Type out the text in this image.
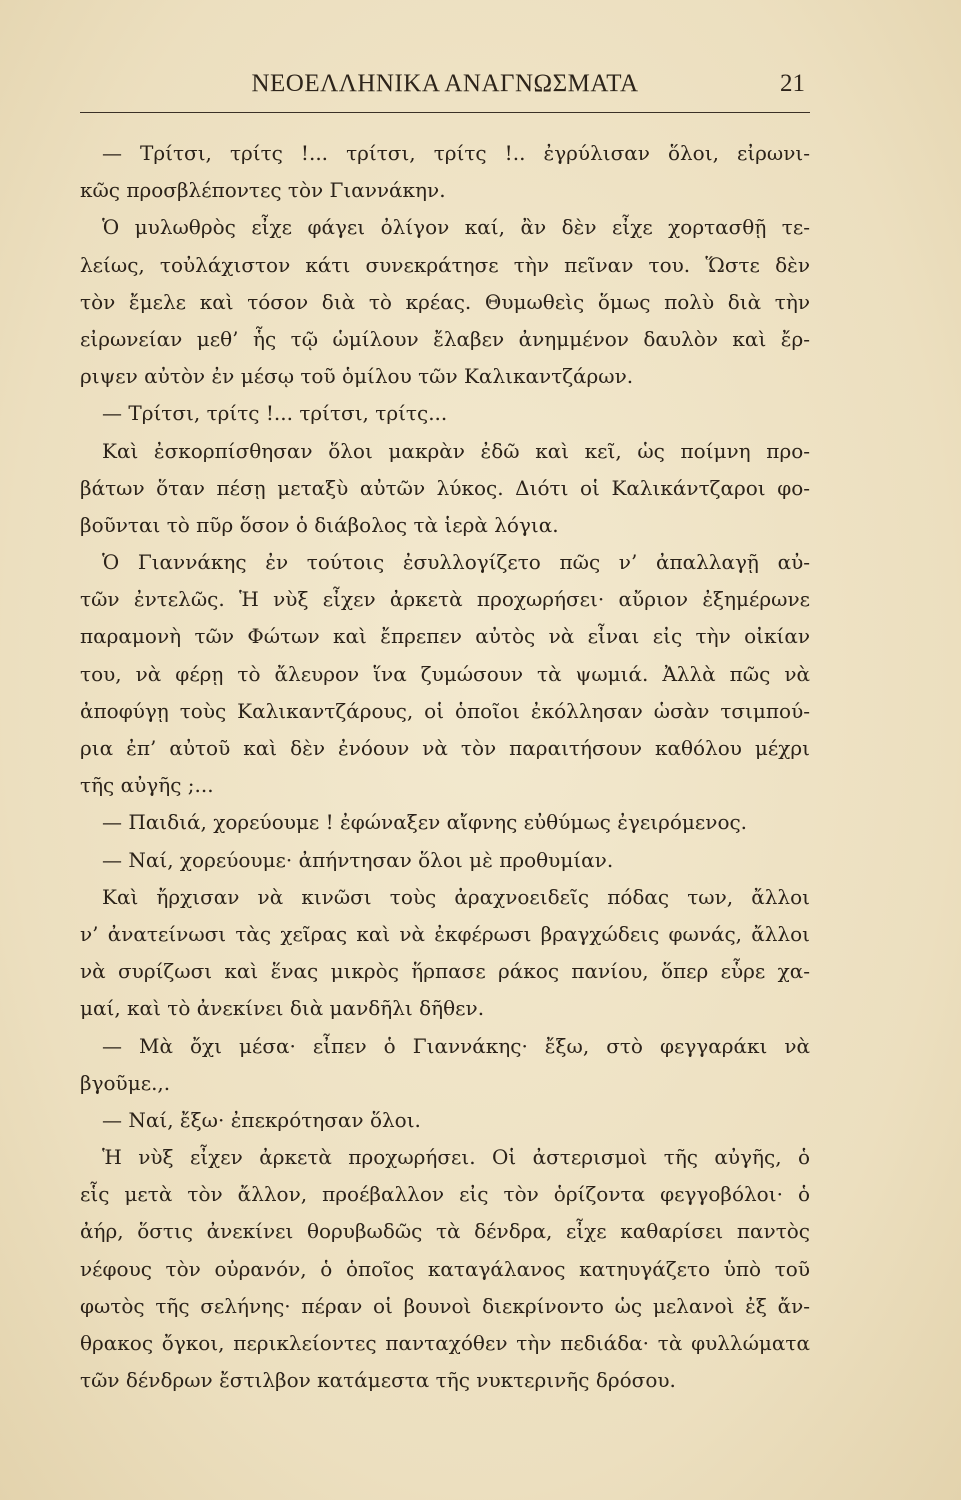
ΝΕΟΕΛΛΗΝΙΚΑ ΑΝΑΓΝΩΣΜΑΤΑ	21
— Τρίτσι, τρίτς !... τρίτσι, τρίτς !.. ἐγρύλισαν ὅλοι, εἰρωνι-
κῶς προσβλέποντες τὸν Γιαννάκην.
Ὁ μυλωθρὸς εἶχε φάγει ὀλίγον καί, ἂν δὲν εἶχε χορτασθῇ τε-
λείως, τοὐλάχιστον κάτι συνεκράτησε τὴν πεῖναν του. Ὥστε δὲν
τὸν ἔμελε καὶ τόσον διὰ τὸ κρέας. Θυμωθεὶς ὅμως πολὺ διὰ τὴν
εἰρωνείαν μεθ’ ἧς τῷ ὡμίλουν ἔλαβεν ἀνημμένον δαυλὸν καὶ ἔρ-
ριψεν αὐτὸν ἐν μέσῳ τοῦ ὁμίλου τῶν Καλικαντζάρων.
— Τρίτσι, τρίτς !... τρίτσι, τρίτς...
Καὶ ἐσκορπίσθησαν ὅλοι μακρὰν ἐδῶ καὶ κεῖ, ὡς ποίμνη προ-
βάτων ὅταν πέσῃ μεταξὺ αὐτῶν λύκος. Διότι οἱ Καλικάντζαροι φο-
βοῦνται τὸ πῦρ ὅσον ὁ διάβολος τὰ ἱερὰ λόγια.
Ὁ Γιαννάκης ἐν τούτοις ἐσυλλογίζετο πῶς ν’ ἀπαλλαγῇ αὐ-
τῶν ἐντελῶς. Ἡ νὺξ εἶχεν ἀρκετὰ προχωρήσει· αὔριον ἐξημέρωνε
παραμονὴ τῶν Φώτων καὶ ἔπρεπεν αὐτὸς νὰ εἶναι εἰς τὴν οἰκίαν
του, νὰ φέρῃ τὸ ἄλευρον ἵνα ζυμώσουν τὰ ψωμιά. Ἀλλὰ πῶς νὰ
ἀποφύγῃ τοὺς Καλικαντζάρους, οἱ ὁποῖοι ἐκόλλησαν ὡσὰν τσιμπού-
ρια ἐπ’ αὐτοῦ καὶ δὲν ἐνόουν νὰ τὸν παραιτήσουν καθόλου μέχρι
τῆς αὐγῆς ;...
— Παιδιά, χορεύουμε ! ἐφώναξεν αἴφνης εὐθύμως ἐγειρόμενος.
— Ναί, χορεύουμε· ἀπήντησαν ὅλοι μὲ προθυμίαν.
Καὶ ἤρχισαν νὰ κινῶσι τοὺς ἀραχνοειδεῖς πόδας των, ἄλλοι
ν’ ἀνατείνωσι τὰς χεῖρας καὶ νὰ ἐκφέρωσι βραγχώδεις φωνάς, ἄλλοι
νὰ συρίζωσι καὶ ἕνας μικρὸς ἥρπασε ράκος πανίου, ὅπερ εὗρε χα-
μαί, καὶ τὸ ἀνεκίνει διὰ μανδῆλι δῆθεν.
— Μὰ ὄχι μέσα· εἶπεν ὁ Γιαννάκης· ἔξω, στὸ φεγγαράκι νὰ
βγοῦμε.,.
— Ναί, ἔξω· ἐπεκρότησαν ὅλοι.
Ἡ νὺξ εἶχεν ἀρκετὰ προχωρήσει. Οἱ ἀστερισμοὶ τῆς αὐγῆς, ὁ
εἷς μετὰ τὸν ἄλλον, προέβαλλον εἰς τὸν ὁρίζοντα φεγγοβόλοι· ὁ
ἀήρ, ὅστις ἀνεκίνει θορυβωδῶς τὰ δένδρα, εἶχε καθαρίσει παντὸς
νέφους τὸν οὐρανόν, ὁ ὁποῖος καταγάλανος κατηυγάζετο ὑπὸ τοῦ
φωτὸς τῆς σελήνης· πέραν οἱ βουνοὶ διεκρίνοντο ὡς μελανοὶ ἐξ ἄν-
θρακος ὄγκοι, περικλείοντες πανταχόθεν τὴν πεδιάδα· τὰ φυλλώματα
τῶν δένδρων ἔστιλβον κατάμεστα τῆς νυκτερινῆς δρόσου.
